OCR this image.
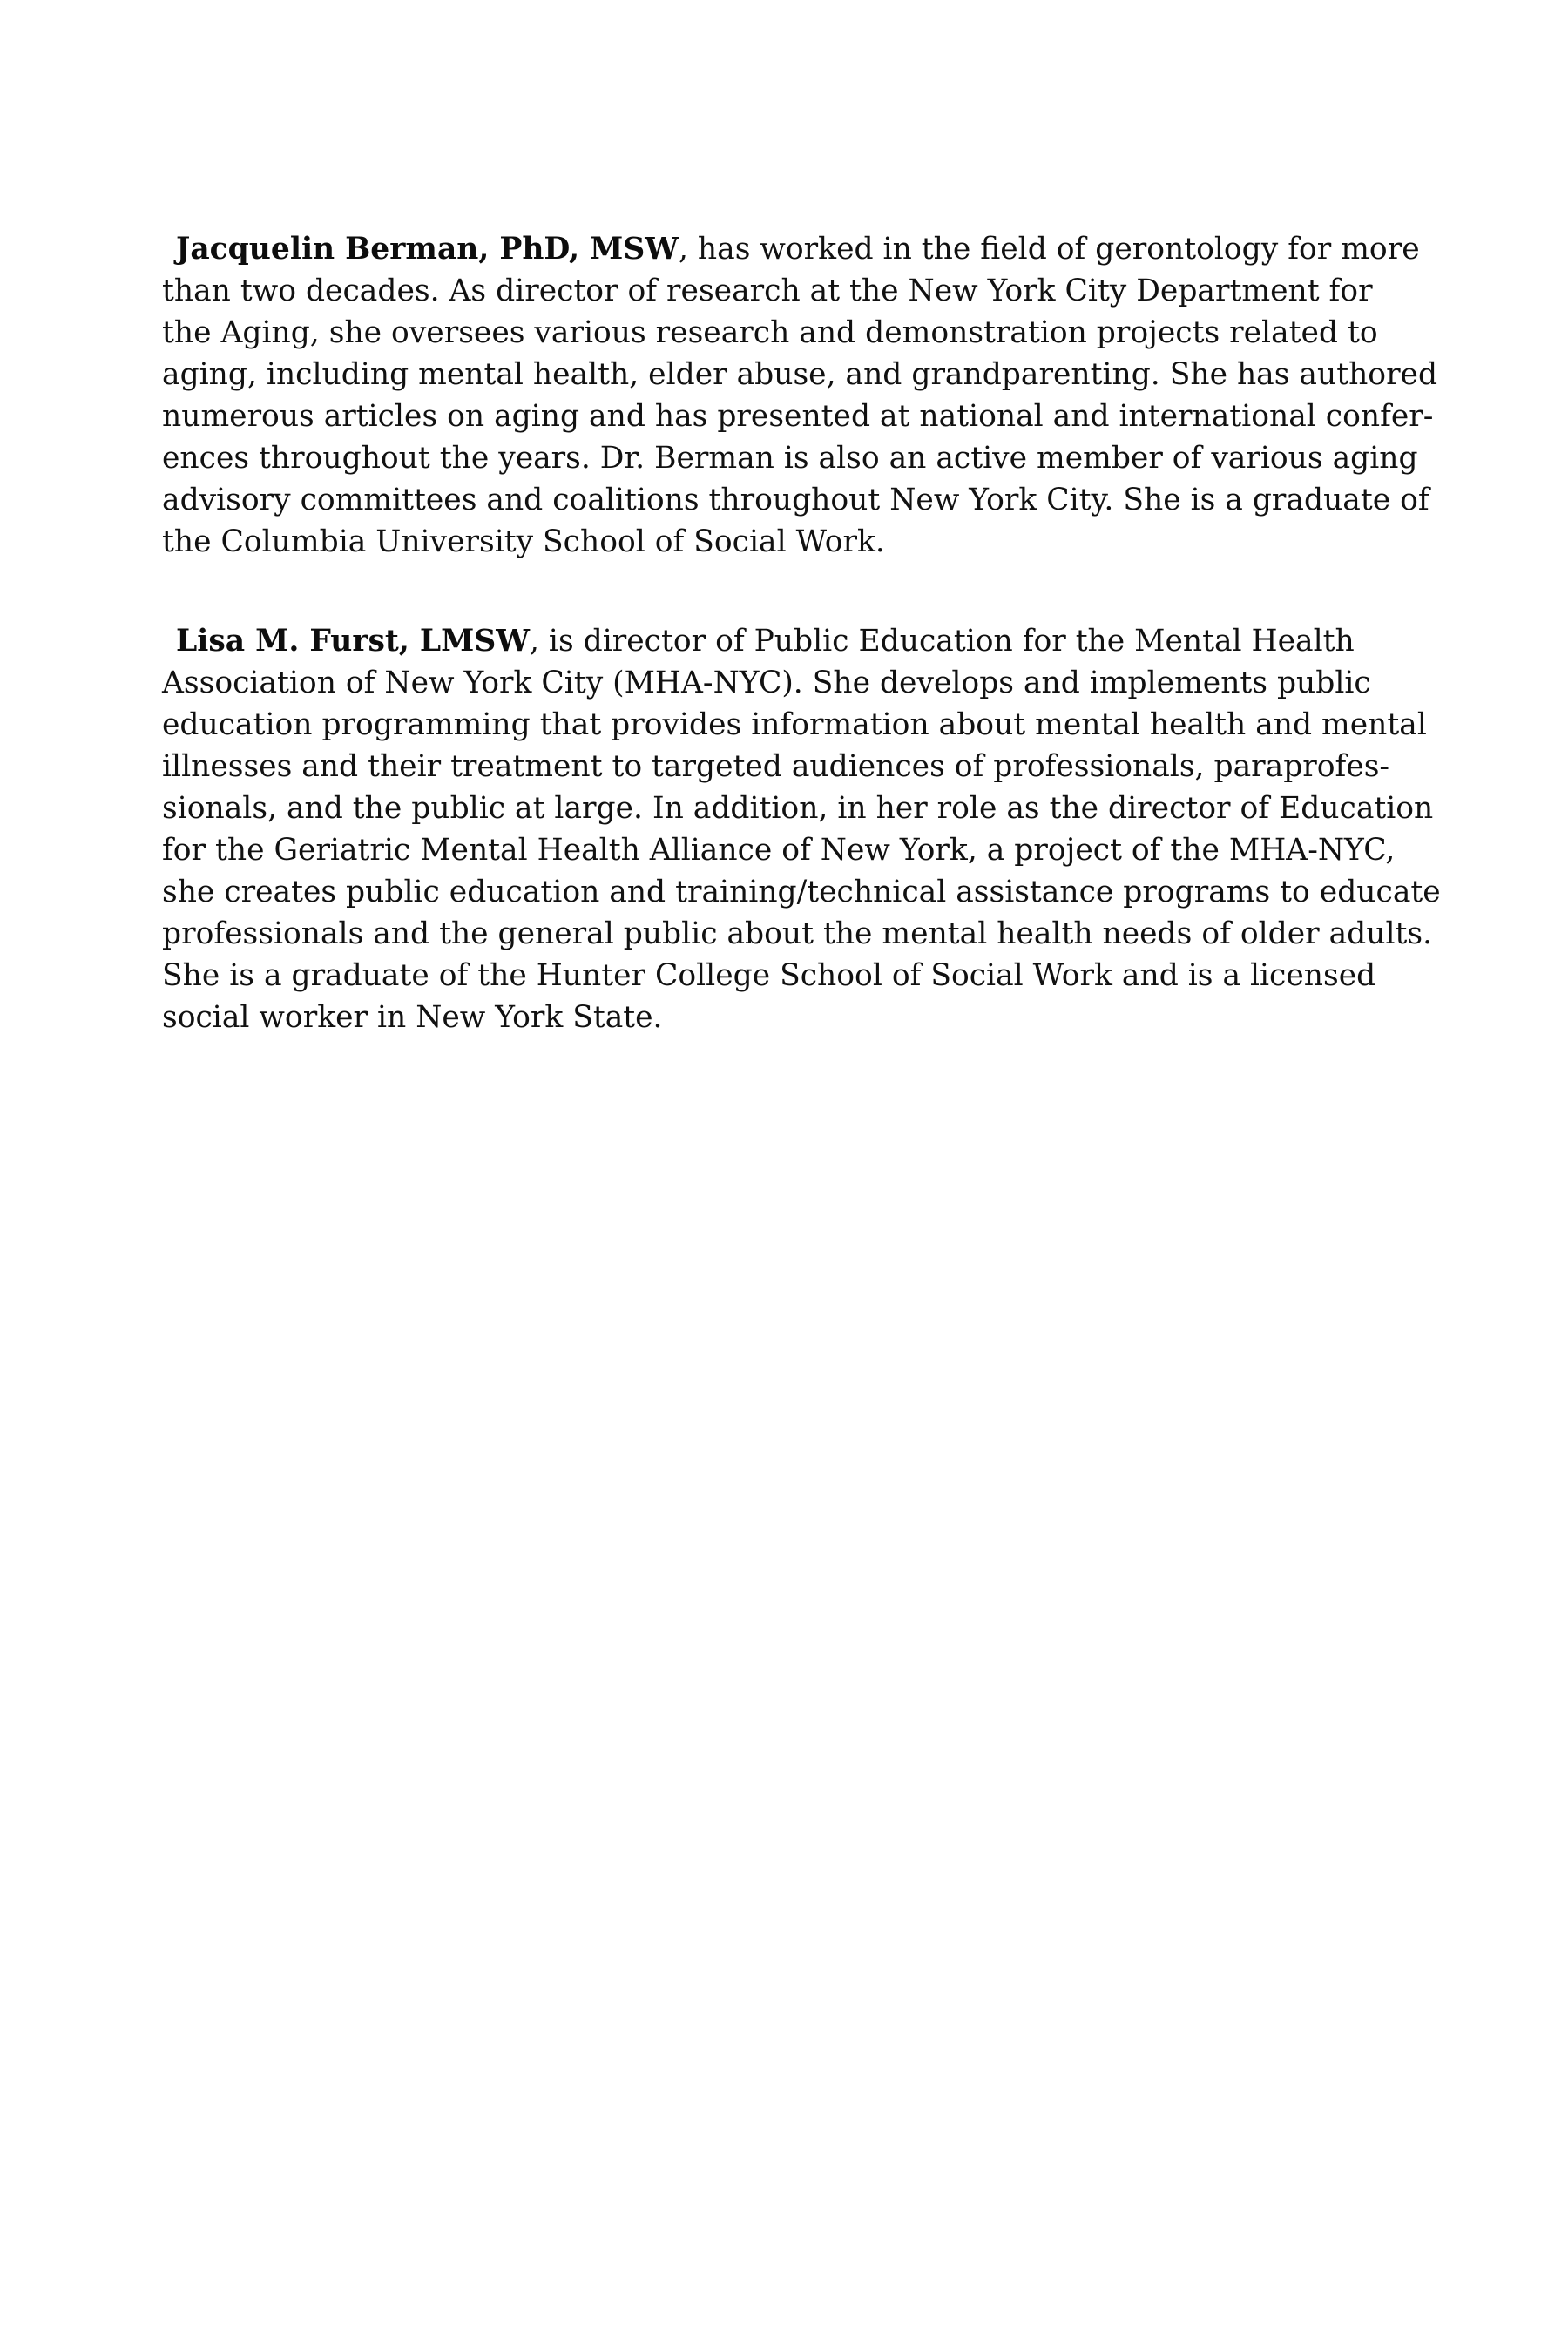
Jacquelin Berman, PhD, MSW, has worked in the field of gerontology for more
than two decades. As director of research at the New York City Department for
the Aging, she oversees various research and demonstration projects related to
aging, including mental health, elder abuse, and grandparenting. She has authored
numerous articles on aging and has presented at national and international confer-
ences throughout the years. Dr. Berman is also an active member of various aging
advisory committees and coalitions throughout New York City. She is a graduate of
the Columbia University School of Social Work.

Lisa M. Furst, LMSW, is director of Public Education for the Mental Health
Association of New York City (MHA-NYC). She develops and implements public
education programming that provides information about mental health and mental
illnesses and their treatment to targeted audiences of professionals, paraprofes-
sionals, and the public at large. In addition, in her role as the director of Education
for the Geriatric Mental Health Alliance of New York, a project of the MHA-NYC,
she creates public education and training/technical assistance programs to educate
professionals and the general public about the mental health needs of older adults.
She is a graduate of the Hunter College School of Social Work and is a licensed
social worker in New York State.
